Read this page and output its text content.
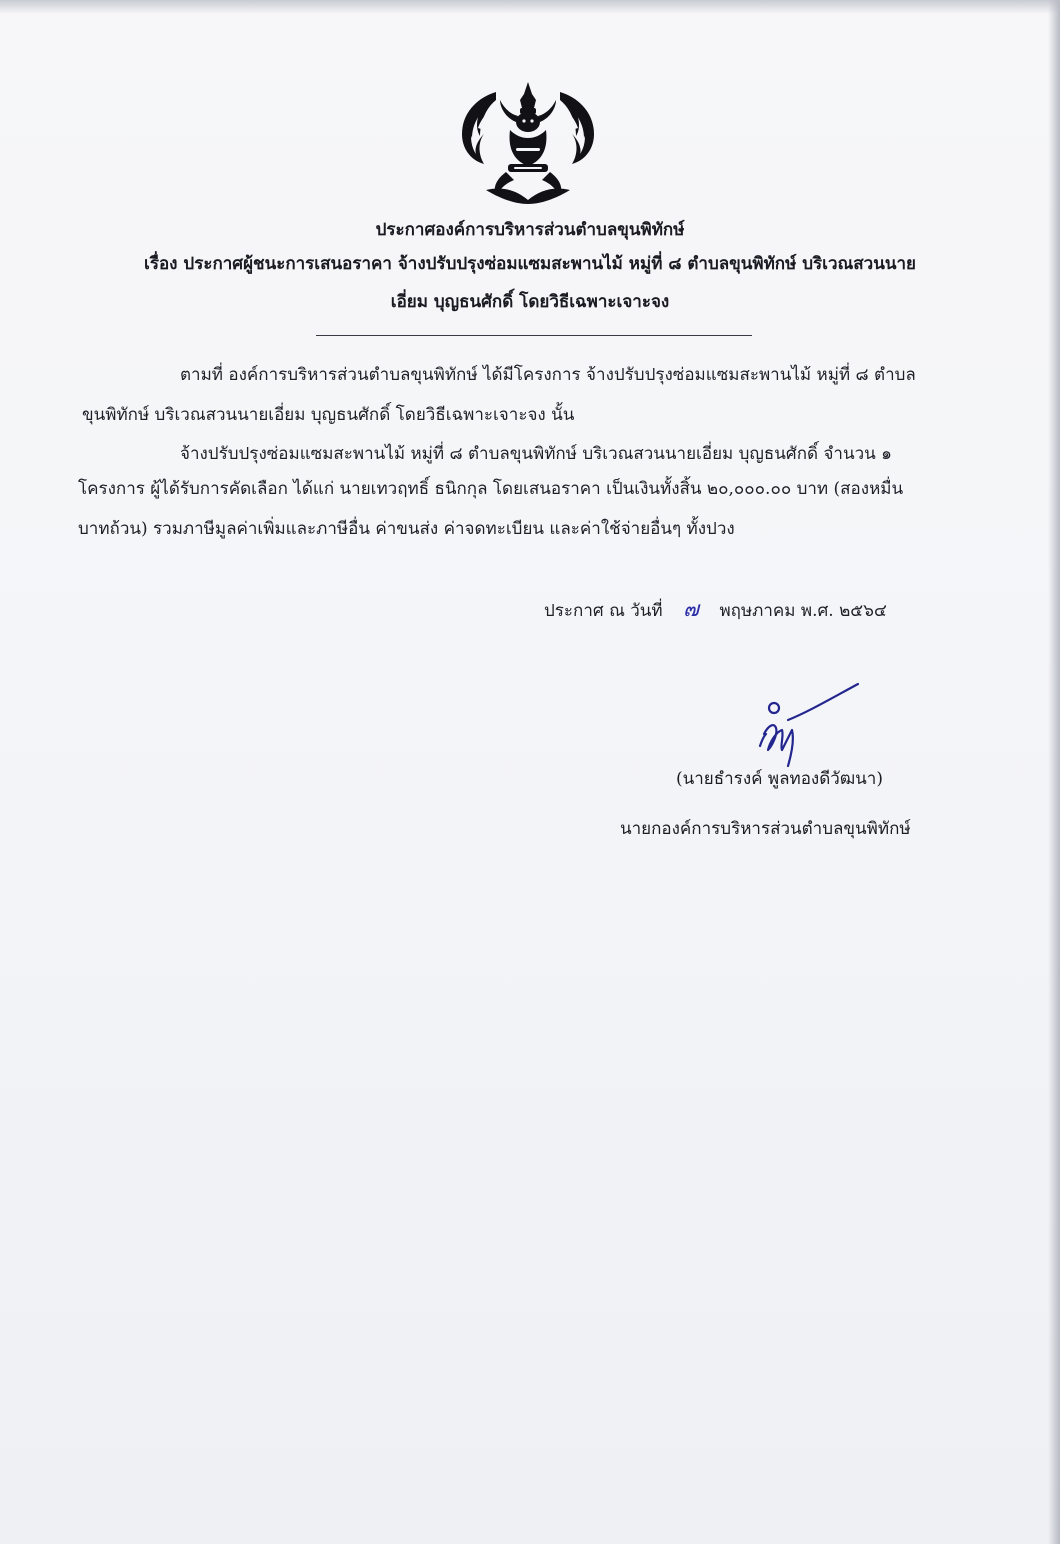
ประกาศองค์การบริหารส่วนตำบลขุนพิทักษ์
เรื่อง ประกาศผู้ชนะการเสนอราคา จ้างปรับปรุงซ่อมแซมสะพานไม้ หมู่ที่ ๘ ตำบลขุนพิทักษ์ บริเวณสวนนาย
เอี่ยม บุญธนศักดิ์ โดยวิธีเฉพาะเจาะจง
ตามที่ องค์การบริหารส่วนตำบลขุนพิทักษ์ ได้มีโครงการ จ้างปรับปรุงซ่อมแซมสะพานไม้ หมู่ที่ ๘ ตำบล
ขุนพิทักษ์ บริเวณสวนนายเอี่ยม บุญธนศักดิ์ โดยวิธีเฉพาะเจาะจง นั้น
จ้างปรับปรุงซ่อมแซมสะพานไม้ หมู่ที่ ๘ ตำบลขุนพิทักษ์ บริเวณสวนนายเอี่ยม บุญธนศักดิ์ จำนวน ๑
โครงการ ผู้ได้รับการคัดเลือก ได้แก่ นายเทวฤทธิ์ ธนิกกุล โดยเสนอราคา เป็นเงินทั้งสิ้น ๒๐,๐๐๐.๐๐ บาท (สองหมื่น
บาทถ้วน) รวมภาษีมูลค่าเพิ่มและภาษีอื่น ค่าขนส่ง ค่าจดทะเบียน และค่าใช้จ่ายอื่นๆ ทั้งปวง
ประกาศ ณ วันที่ ๗ พฤษภาคม พ.ศ. ๒๕๖๔
(นายธำรงค์ พูลทองดีวัฒนา)
นายกองค์การบริหารส่วนตำบลขุนพิทักษ์
